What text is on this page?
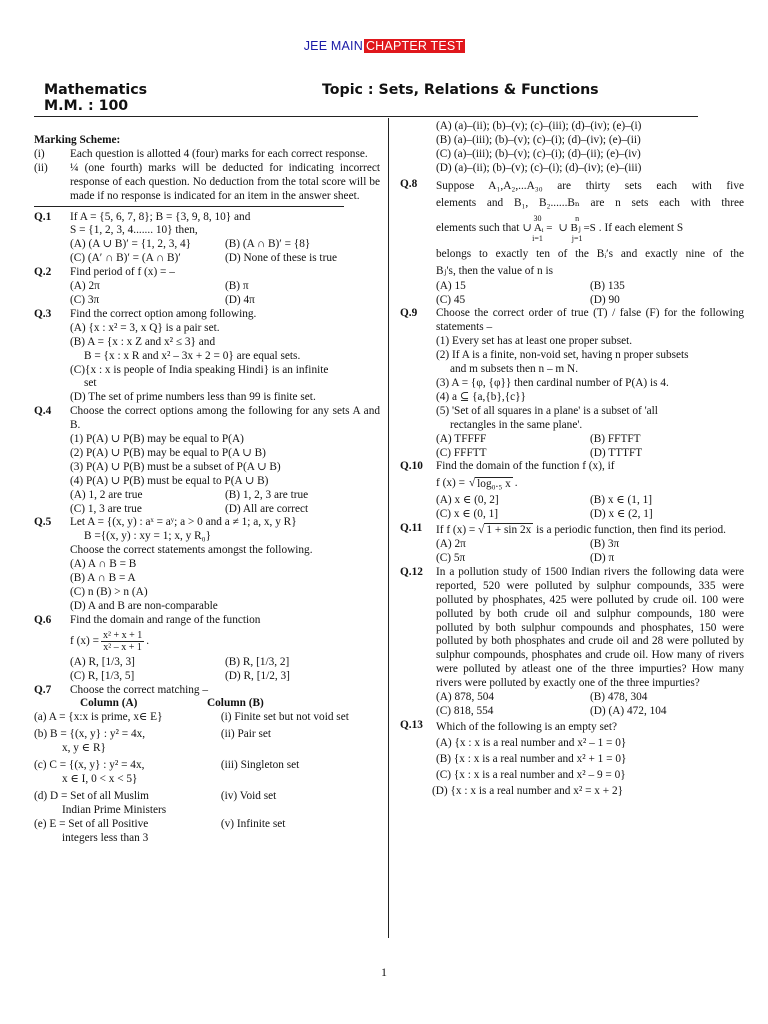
JEE MAIN CHAPTER TEST
Mathematics	Topic : Sets, Relations & Functions
M.M. : 100
Marking Scheme:
(i)	Each question is allotted 4 (four) marks for each correct response.
(ii)	¼ (one fourth) marks will be deducted for indicating incorrect response of each question. No deduction from the total score will be made if no response is indicated for an item in the answer sheet.
Q.1	If A = {5, 6, 7, 8}; B = {3, 9, 8, 10} and
S = {1, 2, 3, 4....... 10} then,
(A) (A ∪ B)′ = {1, 2, 3, 4}	(B) (A ∩ B)′ = {8}
(C) (A′ ∩ B)′ = (A ∩ B)′	(D) None of these is true
Q.2	Find period of f (x) = –
(A) 2π	(B) π
(C) 3π	(D) 4π
Q.3	Find the correct option among following.
(A) {x : x² = 3, x Q} is a pair set.
(B) A = {x : x Z and x² ≤ 3} and
B = {x : x R and x² – 3x + 2 = 0} are equal sets.
(C){x : x is people of India speaking Hindi} is an infinite
set
(D) The set of prime numbers less than 99 is finite set.
Q.4	Choose the correct options among the following for any sets A and B.
(1) P(A) ∪ P(B) may be equal to P(A)
(2) P(A) ∪ P(B) may be equal to P(A ∪ B)
(3) P(A) ∪ P(B) must be a subset of P(A ∪ B)
(4) P(A) ∪ P(B) must be equal to P(A ∪ B)
(A) 1, 2 are true	(B) 1, 2, 3 are true
(C) 1, 3 are true	(D) All are correct
Q.5	Let A = {(x, y) : aˣ = aʸ; a > 0 and a ≠ 1; a, x, y R}
B ={(x, y) : xy = 1; x, y R₀}
Choose the correct statements amongst the following.
(A) A ∩ B = B
(B) A ∩ B = A
(C) n (B) > n (A)
(D) A and B are non-comparable
Q.6	Find the domain and range of the function
f $(x) = \frac{\text{x² + x + 1}}{\text{x² – x + 1}}$ .
(A) R, [1/3, 3]	(B) R, [1/3, 2]
(C) R, [1/3, 5]	(D) R, [1/2, 3]
Q.7	Choose the correct matching –
Column (A)	Column (B)
(a) A = {x:x is prime, x∈ E}	(i) Finite set but not void set
(b) B = {(x, y} : y² = 4x,	(ii) Pair set
x, y ∈ R}
(c) C = {(x, y} : y² = 4x,	(iii) Singleton set
x ∈ I, 0 < x < 5}
(d) D = Set of all Muslim	(iv) Void set
Indian Prime Ministers
(e) E = Set of all Positive	(v) Infinite set
integers less than 3
(A) (a)–(ii); (b)–(v); (c)–(iii); (d)–(iv); (e)–(i)
(B) (a)–(iii); (b)–(v); (c)–(i); (d)–(iv); (e)–(ii)
(C) (a)–(iii); (b)–(v); (c)–(i); (d)–(ii); (e)–(iv)
(D) (a)–(ii); (b)–(v); (c)–(i); (d)–(iv); (e)–(iii)
Q.8	Suppose A₁,A₂,...A₃₀ are thirty sets each with five
elements and B₁, B₂......Bₙ are n sets each with three
elements such that
30
∪ Aᵢ =
i=1
n
∪ Bⱼ =S
j=1
. If each element S
belongs to exactly ten of the Bᵢ′s and exactly nine of the
Bⱼ's, then the value of n is
(A) 15	(B) 135
(C) 45	(D) 90
Q.9	Choose the correct order of true (T) / false (F) for the following statements –
(1) Every set has at least one proper subset.
(2) If A is a finite, non-void set, having n proper subsets
and m subsets then n – m N.
(3) A = {φ, {φ}} then cardinal number of P(A) is 4.
(4) a ⊆ {a,{b},{c}}
(5) 'Set of all squares in a plane' is a subset of 'all
rectangles in the same plane'.
(A) TFFFF	(B) FFTFT
(C) FFFTT	(D) TTTFT
Q.10	Find the domain of the function f (x), if
f (x) = √ log₀.₅ x .
(A) x ∈ (0, 2]	(B) x ∈ (1, 1]
(C) x ∈ (0, 1]	(D) x ∈ (2, 1]
Q.11	If f (x) = √ 1 + sin 2x is a periodic function, then find its period.
(A) 2π	(B) 3π
(C) 5π	(D) π
Q.12	In a pollution study of 1500 Indian rivers the following data were reported, 520 were polluted by sulphur compounds, 335 were polluted by phosphates, 425 were polluted by crude oil. 100 were polluted by both crude oil and sulphur compounds, 180 were polluted by both sulphur compounds and phosphates, 150 were polluted by both phosphates and crude oil and 28 were polluted by sulphur compounds, phosphates and crude oil. How many of rivers were polluted by atleast one of the three impurties? How many rivers were polluted by exactly one of the three impurties?
(A) 878, 504	(B) 478, 304
(C) 818, 554	(D) (A) 472, 104
Q.13	Which of the following is an empty set?
(A) {x : x is a real number and x² – 1 = 0}
(B) {x : x is a real number and x² + 1 = 0}
(C) {x : x is a real number and x² – 9 = 0}
(D) {x : x is a real number and x² = x + 2}
1
